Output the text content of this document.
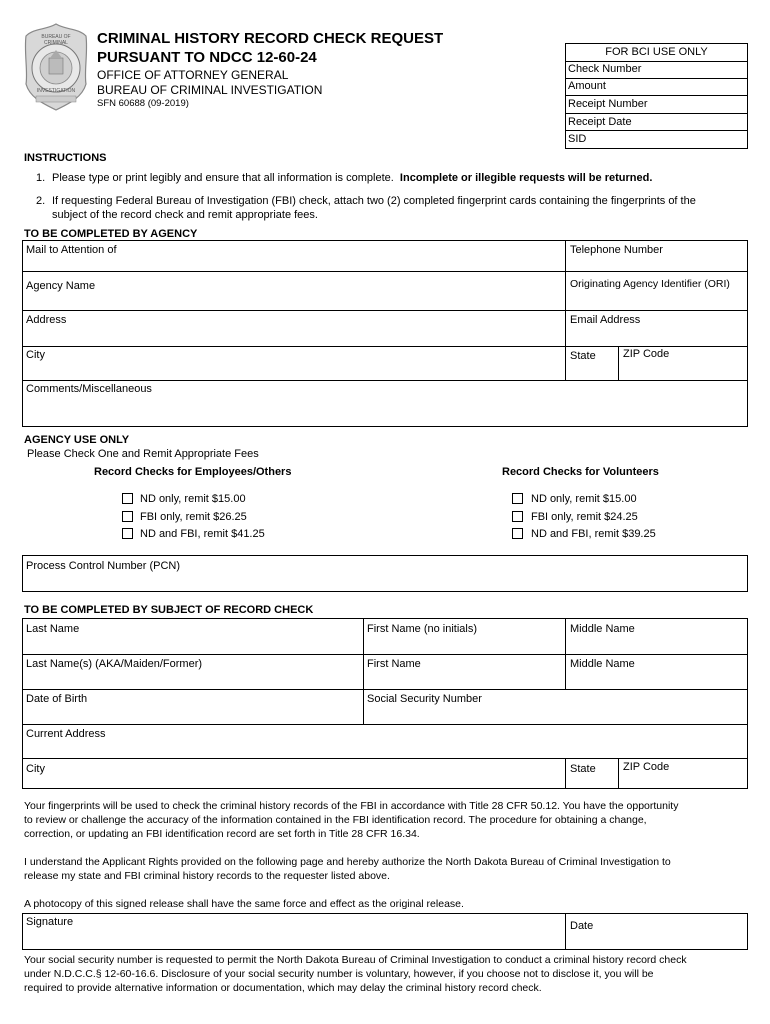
BUREAU OF CRIMINAL
INVESTIGATION
CRIMINAL HISTORY RECORD CHECK REQUEST
PURSUANT TO NDCC 12-60-24
OFFICE OF ATTORNEY GENERAL
BUREAU OF CRIMINAL INVESTIGATION
SFN 60688 (09-2019)
FOR BCI USE ONLY
Check Number
Amount
Receipt Number
Receipt Date
SID
INSTRUCTIONS
1. Please type or print legibly and ensure that all information is complete. Incomplete or illegible requests will be returned.
2. If requesting Federal Bureau of Investigation (FBI) check, attach two (2) completed fingerprint cards containing the fingerprints of the
subject of the record check and remit appropriate fees.
TO BE COMPLETED BY AGENCY
Mail to Attention of	Telephone Number
Agency Name	Originating Agency Identifier (ORI)
Address	Email Address
City	State ZIP Code
Comments/Miscellaneous
AGENCY USE ONLY
Please Check One and Remit Appropriate Fees
Record Checks for Employees/Others	Record Checks for Volunteers
ND only, remit $15.00
FBI only, remit $26.25
ND and FBI, remit $41.25
ND only, remit $15.00
FBI only, remit $24.25
ND and FBI, remit $39.25
Process Control Number (PCN)
TO BE COMPLETED BY SUBJECT OF RECORD CHECK
Last Name	First Name (no initials)	Middle Name
Last Name(s) (AKA/Maiden/Former)	First Name	Middle Name
Date of Birth	Social Security Number
Current Address
City	State ZIP Code
Your fingerprints will be used to check the criminal history records of the FBI in accordance with Title 28 CFR 50.12. You have the opportunity
to review or challenge the accuracy of the information contained in the FBI identification record. The procedure for obtaining a change,
correction, or updating an FBI identification record are set forth in Title 28 CFR 16.34.
I understand the Applicant Rights provided on the following page and hereby authorize the North Dakota Bureau of Criminal Investigation to
release my state and FBI criminal history records to the requester listed above.
A photocopy of this signed release shall have the same force and effect as the original release.
Signature	Date
Your social security number is requested to permit the North Dakota Bureau of Criminal Investigation to conduct a criminal history record check
under N.D.C.C.§ 12-60-16.6. Disclosure of your social security number is voluntary, however, if you choose not to disclose it, you will be
required to provide alternative information or documentation, which may delay the criminal history record check.
